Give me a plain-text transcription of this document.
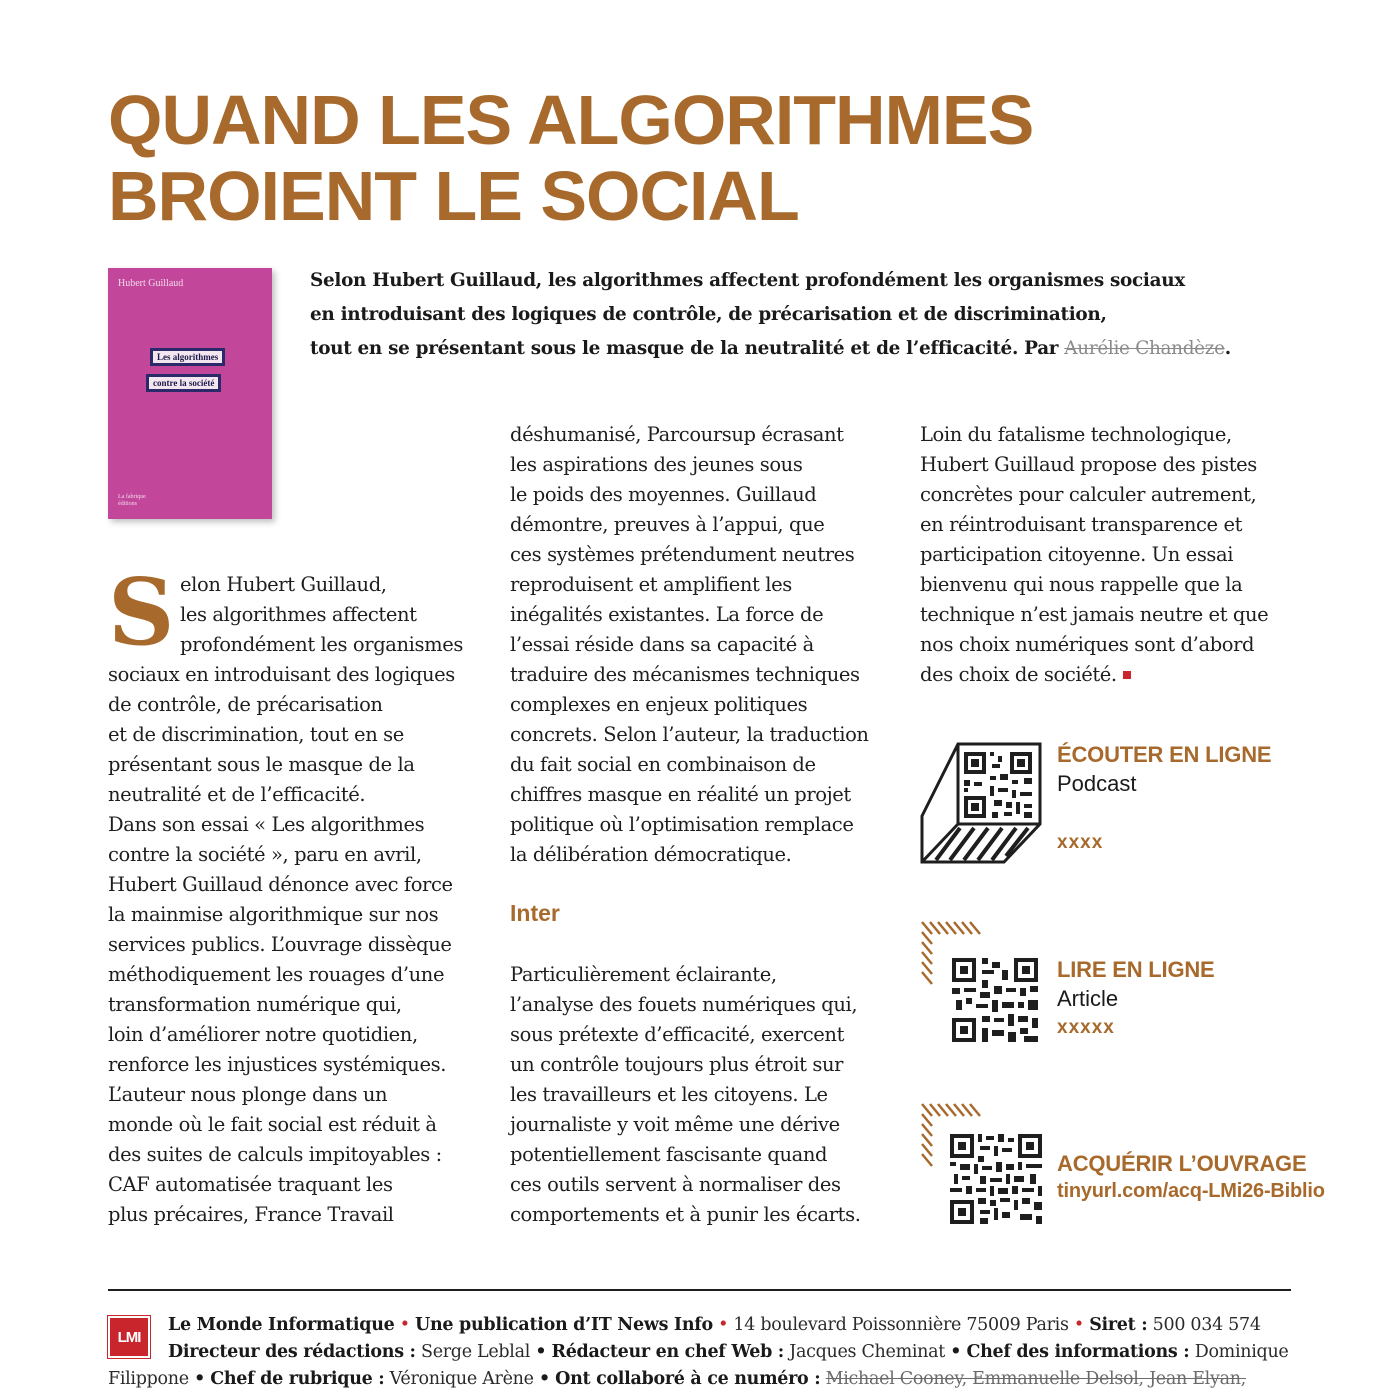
QUAND LES ALGORITHMES
BROIENT LE SOCIAL
Hubert Guillaud
Les algorithmes
contre la société
La fabrique
éditions
Selon Hubert Guillaud, les algorithmes affectent profondément les organismes sociaux
en introduisant des logiques de contrôle, de précarisation et de discrimination,
tout en se présentant sous le masque de la neutralité et de l’efficacité. Par Aurélie Chandèze.
S elon Hubert Guillaud,
les algorithmes affectent
profondément les organismes
sociaux en introduisant des logiques
de contrôle, de précarisation
et de discrimination, tout en se
présentant sous le masque de la
neutralité et de l’efficacité.
Dans son essai « Les algorithmes
contre la société », paru en avril,
Hubert Guillaud dénonce avec force
la mainmise algorithmique sur nos
services publics. L’ouvrage dissèque
méthodiquement les rouages d’une
transformation numérique qui,
loin d’améliorer notre quotidien,
renforce les injustices systémiques.
L’auteur nous plonge dans un
monde où le fait social est réduit à
des suites de calculs impitoyables :
CAF automatisée traquant les
plus précaires, France Travail
déshumanisé, Parcoursup écrasant
les aspirations des jeunes sous
le poids des moyennes. Guillaud
démontre, preuves à l’appui, que
ces systèmes prétendument neutres
reproduisent et amplifient les
inégalités existantes. La force de
l’essai réside dans sa capacité à
traduire des mécanismes techniques
complexes en enjeux politiques
concrets. Selon l’auteur, la traduction
du fait social en combinaison de
chiffres masque en réalité un projet
politique où l’optimisation remplace
la délibération démocratique.
Inter
Particulièrement éclairante,
l’analyse des fouets numériques qui,
sous prétexte d’efficacité, exercent
un contrôle toujours plus étroit sur
les travailleurs et les citoyens. Le
journaliste y voit même une dérive
potentiellement fascisante quand
ces outils servent à normaliser des
comportements et à punir les écarts.
Loin du fatalisme technologique,
Hubert Guillaud propose des pistes
concrètes pour calculer autrement,
en réintroduisant transparence et
participation citoyenne. Un essai
bienvenu qui nous rappelle que la
technique n’est jamais neutre et que
nos choix numériques sont d’abord
des choix de société.
ÉCOUTER EN LIGNE
Podcast
xxxx
LIRE EN LIGNE
Article
xxxxx
ACQUÉRIR L’OUVRAGE
tinyurl.com/acq-LMi26-Biblio
LMI
Le Monde Informatique • Une publication d’IT News Info • 14 boulevard Poissonnière 75009 Paris • Siret : 500 034 574
Directeur des rédactions : Serge Leblal • Rédacteur en chef Web : Jacques Cheminat • Chef des informations : Dominique
Filippone • Chef de rubrique : Véronique Arène • Ont collaboré à ce numéro : Michael Cooney, Emmanuelle Delsol, Jean Elyan,
